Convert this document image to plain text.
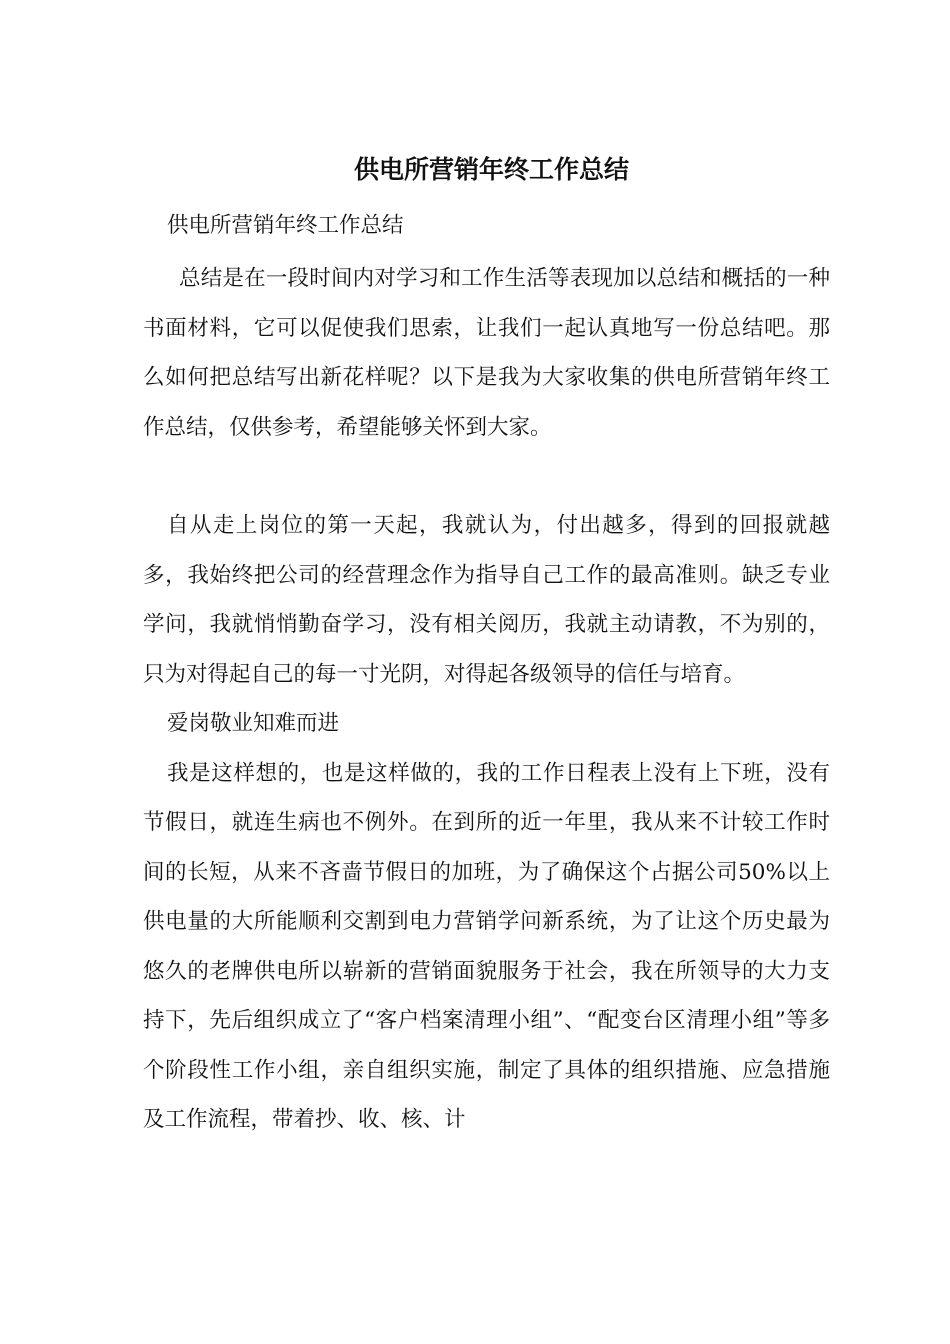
供电所营销年终工作总结

供电所营销年终工作总结

总结是在一段时间内对学习和工作生活等表现加以总结和概括的一种书面材料，它可以促使我们思索，让我们一起认真地写一份总结吧。那么如何把总结写出新花样呢？以下是我为大家收集的供电所营销年终工作总结，仅供参考，希望能够关怀到大家。

自从走上岗位的第一天起，我就认为，付出越多，得到的回报就越多，我始终把公司的经营理念作为指导自己工作的最高准则。缺乏专业学问，我就悄悄勤奋学习，没有相关阅历，我就主动请教，不为别的，只为对得起自己的每一寸光阴，对得起各级领导的信任与培育。

爱岗敬业知难而进

我是这样想的，也是这样做的，我的工作日程表上没有上下班，没有节假日，就连生病也不例外。在到所的近一年里，我从来不计较工作时间的长短，从来不吝啬节假日的加班，为了确保这个占据公司50%以上供电量的大所能顺利交割到电力营销学问新系统，为了让这个历史最为悠久的老牌供电所以崭新的营销面貌服务于社会，我在所领导的大力支持下，先后组织成立了“客户档案清理小组”、“配变台区清理小组”等多个阶段性工作小组，亲自组织实施，制定了具体的组织措施、应急措施及工作流程，带着抄、收、核、计
